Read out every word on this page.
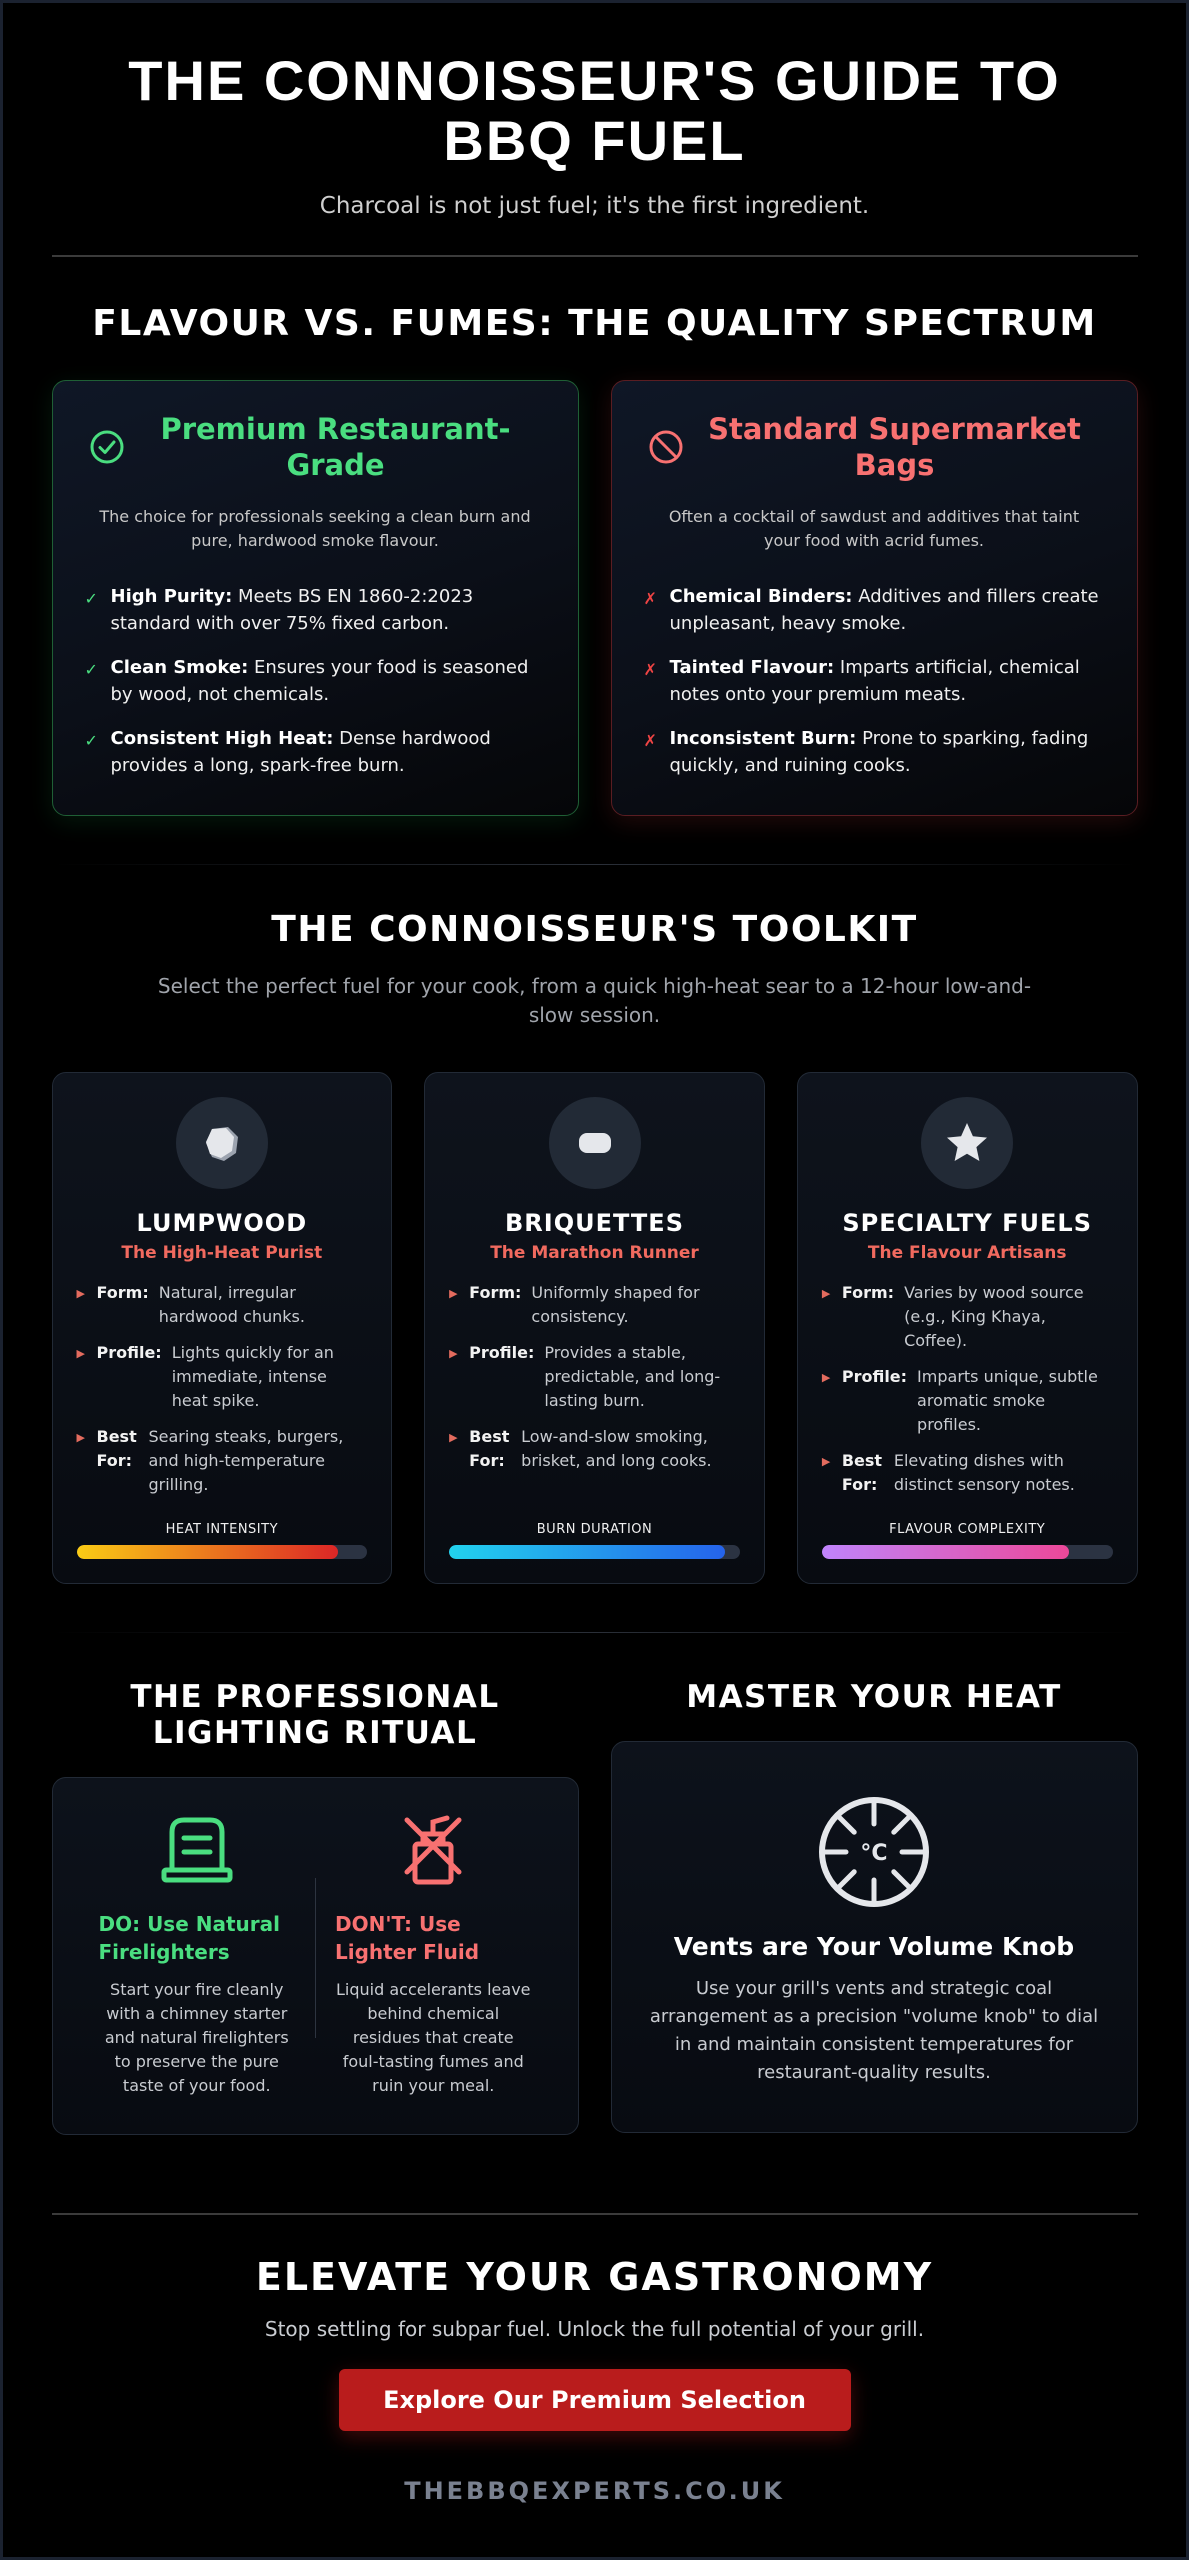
THE CONNOISSEUR'S GUIDE TO BBQ FUEL

Charcoal is not just fuel; it's the first ingredient.

FLAVOUR VS. FUMES: THE QUALITY SPECTRUM
Premium Restaurant-Grade

The choice for professionals seeking a clean burn and pure, hardwood smoke flavour.

✓ High Purity: Meets BS EN 1860-2:2023 standard with over 75% fixed carbon.
✓ Clean Smoke: Ensures your food is seasoned by wood, not chemicals.
✓ Consistent High Heat: Dense hardwood provides a long, spark-free burn.
Standard Supermarket Bags

Often a cocktail of sawdust and additives that taint your food with acrid fumes.

✗ Chemical Binders: Additives and fillers create unpleasant, heavy smoke.
✗ Tainted Flavour: Imparts artificial, chemical notes onto your premium meats.
✗ Inconsistent Burn: Prone to sparking, fading quickly, and ruining cooks.
THE CONNOISSEUR'S TOOLKIT

Select the perfect fuel for your cook, from a quick high-heat sear to a 12-hour low-and-slow session.

LUMPWOOD
The High-Heat Purist
▶ Form: Natural, irregular hardwood chunks.
▶ Profile: Lights quickly for an immediate, intense heat spike.
▶ Best For:
Searing steaks, burgers, and high-temperature grilling.
HEAT INTENSITY
BRIQUETTES
The Marathon Runner
▶ Form: Uniformly shaped for consistency.
▶ Profile: Provides a stable, predictable, and long-lasting burn.
▶ Best For:
Low-and-slow smoking, brisket, and long cooks.
BURN DURATION
SPECIALTY FUELS
The Flavour Artisans
▶ Form: Varies by wood source (e.g., King Khaya, Coffee).
▶ Profile: Imparts unique, subtle aromatic smoke profiles.
▶ Best For:
Elevating dishes with distinct sensory notes.
FLAVOUR COMPLEXITY
THE PROFESSIONAL LIGHTING RITUAL
DO: Use Natural Firelighters

Start your fire cleanly with a chimney starter and natural firelighters to preserve the pure taste of your food.

DON'T: Use Lighter Fluid

Liquid accelerants leave behind chemical residues that create foul-tasting fumes and ruin your meal.

MASTER YOUR HEAT
°C
Vents are Your Volume Knob

Use your grill's vents and strategic coal arrangement as a precision "volume knob" to dial in and maintain consistent temperatures for restaurant-quality results.

ELEVATE YOUR GASTRONOMY

Stop settling for subpar fuel. Unlock the full potential of your grill.

Explore Our Premium Selection
THEBBQEXPERTS.CO.UK
